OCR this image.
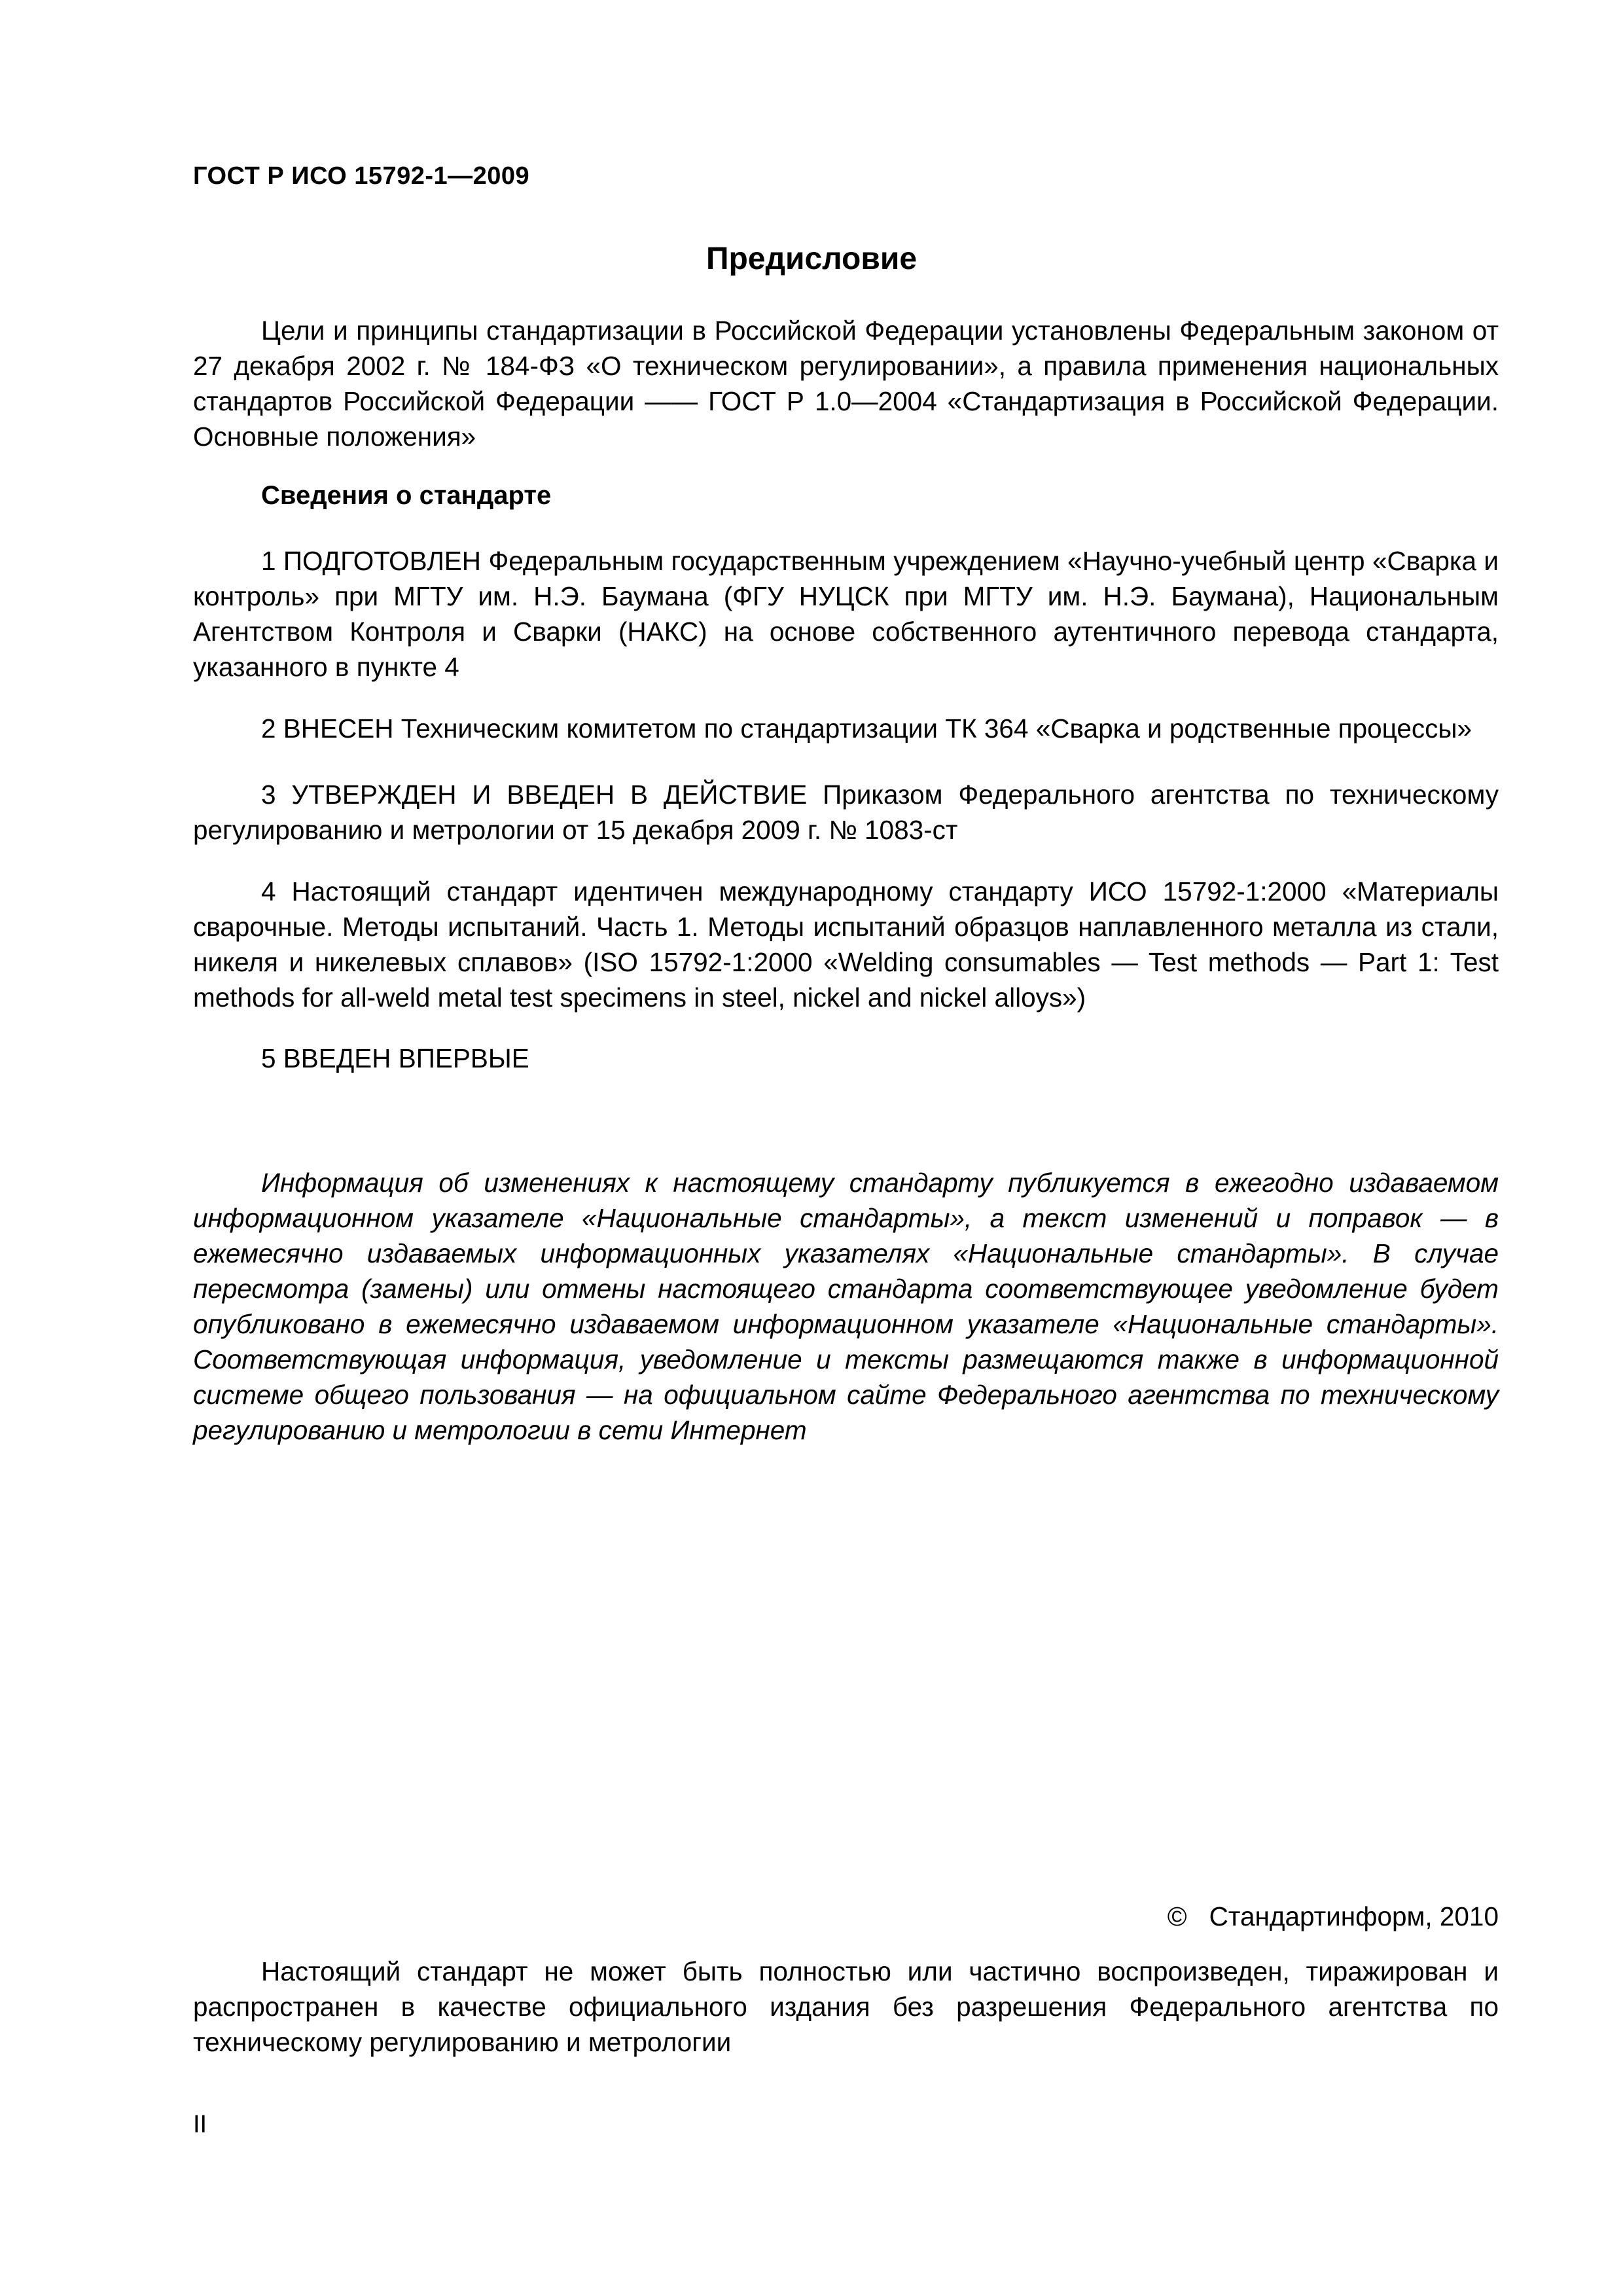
ГОСТ Р ИСО 15792-1—2009
Предисловие
Цели и принципы стандартизации в Российской Федерации установлены Федеральным законом от 27 декабря 2002 г. № 184-ФЗ «О техническом регулировании», а правила применения национальных стандартов Российской Федерации —— ГОСТ Р 1.0—2004 «Стандартизация в Российской Федерации. Основные положения»
Сведения о стандарте
1 ПОДГОТОВЛЕН Федеральным государственным учреждением «Научно-учебный центр «Сварка и контроль» при МГТУ им. Н.Э. Баумана (ФГУ НУЦСК при МГТУ им. Н.Э. Баумана), Национальным Агентством Контроля и Сварки (НАКС) на основе собственного аутентичного перевода стандарта, указанного в пункте 4
2 ВНЕСЕН Техническим комитетом по стандартизации ТК 364 «Сварка и родственные процессы»
3 УТВЕРЖДЕН И ВВЕДЕН В ДЕЙСТВИЕ Приказом Федерального агентства по техническому регулированию и метрологии от 15 декабря 2009 г. № 1083-ст
4 Настоящий стандарт идентичен международному стандарту ИСО 15792-1:2000 «Материалы сварочные. Методы испытаний. Часть 1. Методы испытаний образцов наплавленного металла из стали, никеля и никелевых сплавов» (ISO 15792-1:2000 «Welding consumables — Test methods — Part 1: Test methods for all-weld metal test specimens in steel, nickel and nickel alloys»)
5 ВВЕДЕН ВПЕРВЫЕ
Информация об изменениях к настоящему стандарту публикуется в ежегодно издаваемом информационном указателе «Национальные стандарты», а текст изменений и поправок — в ежемесячно издаваемых информационных указателях «Национальные стандарты». В случае пересмотра (замены) или отмены настоящего стандарта соответствующее уведомление будет опубликовано в ежемесячно издаваемом информационном указателе «Национальные стандарты». Соответствующая информация, уведомление и тексты размещаются также в информационной системе общего пользования — на официальном сайте Федерального агентства по техническому регулированию и метрологии в сети Интернет
© Стандартинформ, 2010
Настоящий стандарт не может быть полностью или частично воспроизведен, тиражирован и распространен в качестве официального издания без разрешения Федерального агентства по техническому регулированию и метрологии
II
